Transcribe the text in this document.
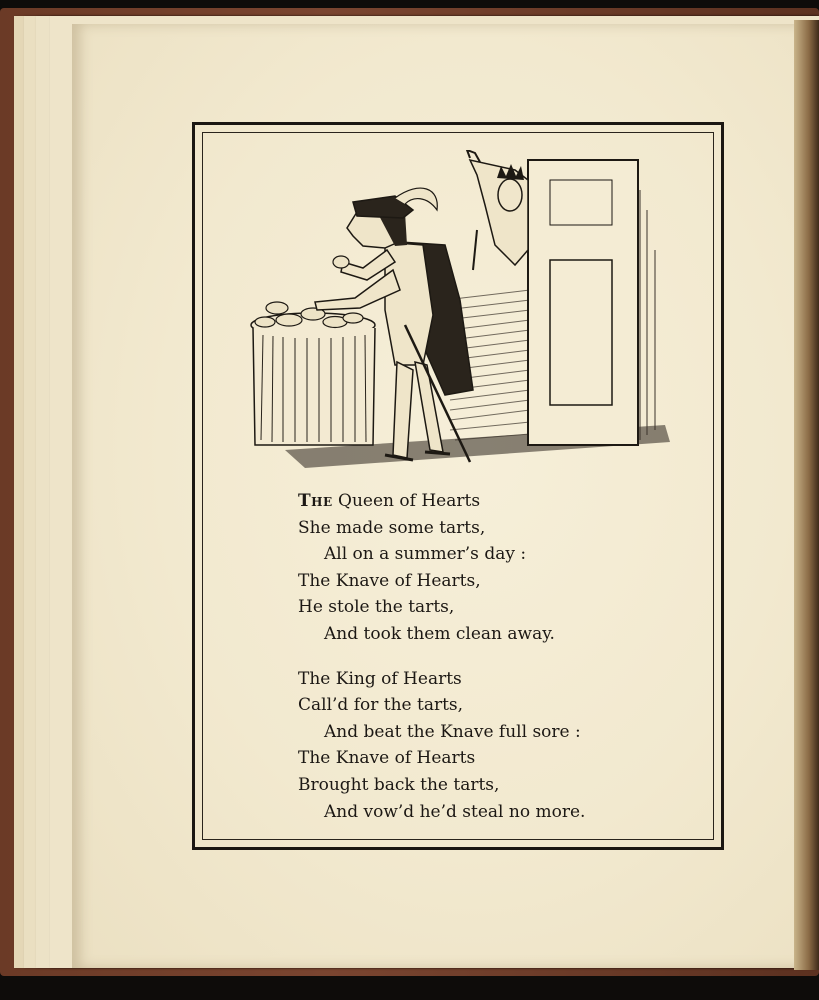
The Queen of Hearts
She made some tarts,
All on a summer’s day :
The Knave of Hearts,
He stole the tarts,
And took them clean away.
The King of Hearts
Call’d for the tarts,
And beat the Knave full sore :
The Knave of Hearts
Brought back the tarts,
And vow’d he’d steal no more.
